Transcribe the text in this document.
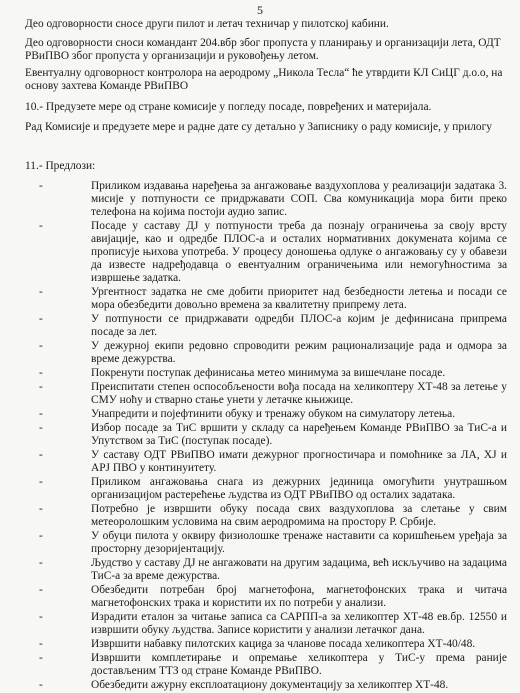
5
Део одговорности сносе други пилот и летач техничар у пилотској кабини.
Део одговорности сноси командант 204.вбр због пропуста у планирању и организацији лета, ОДТ РВиПВО због пропуста у организацији и руковођењу летом.
Евентуалну одговорност контролора на аеродрому „Никола Тесла“ ће утврдити КЛ СиЦГ д.о.о, на основу захтева Команде РВиПВО
10.- Предузете мере од стране комисије у погледу посаде, повређених и материјала.
Рад Комисије и предузете мере и радне дате су детаљно у Записнику о раду комисије, у прилогу
11.- Предлози:
- Приликом издавања наређења за ангажовање ваздухоплова у реализацији задатака 3. мисије у потпуности се придржавати СОП. Сва комуникација мора бити преко телефона на којима постоји аудио запис.
- Посаде у саставу ДЈ у потпуности треба да познају ограничења за своју врсту авијације, као и одредбе ПЛОС-а и осталих нормативних докумената којима се прописује њихова употреба. У процесу доношења одлуке о ангажовању су у обавези да известе надређодавца о евентуалним ограничењима или немогућностима за извршење задатка.
- Ургентност задатка не сме добити приоритет над безбедности летења и посади се мора обезбедити довољно времена за квалитетну припрему лета.
- У потпуности се придржавати одредби ПЛОС-а којим је дефинисана припрема посаде за лет.
- У дежурној екипи редовно спроводити режим рационализације рада и одмора за време дежурства.
- Покренути поступак дефинисања метео минимума за вишечлане посаде.
- Преиспитати степен оспособљености вођа посада на хеликоптеру ХТ-48 за летење у СМУ ноћу и стварно стање унети у летачке књижице.
- Унапредити и појефтинити обуку и тренажу обуком на симулатору летења.
- Избор посаде за ТиС вршити у складу са наређењем Команде РВиПВО за ТиС-а и Упутством за ТиС (поступак посаде).
- У саставу ОДТ РВиПВО имати дежурног прогностичара и помоћнике за ЛА, ХЈ и АРЈ ПВО у континуитету.
- Приликом ангажовања снага из дежурних јединица омогућити унутрашњом организацијом растерећење људства из ОДТ РВиПВО од осталих задатака.
- Потребно је извршити обуку посада свих ваздухоплова за слетање у свим метеоролошким условима на свим аеродромима на простору Р. Србије.
- У обуци пилота у оквиру физиолошке тренаже наставити са коришћењем уређаја за просторну дезоријентацију.
- Људство у саставу ДЈ не ангажовати на другим задацима, већ искључиво на задацима ТиС-а за време дежурства.
- Обезбедити потребан број магнетофона, магнетофонских трака и читача магнетофонских трака и користити их по потреби у анализи.
- Израдити еталон за читање записа са САРПП-а за хеликоптер ХТ-48 ев.бр. 12550 и извршити обуку људства. Записе користити у анализи летачког дана.
- Извршити набавку пилотских кациga за чланове посада хеликоптера ХТ-40/48.
- Извршити комплетирање и опремање хеликоптера у ТиС-у према раније достављеним ТТЗ од стране Команде РВиПВО.
- Обезбедити ажурну експлоатациону документацију за хеликоптер ХТ-48.
